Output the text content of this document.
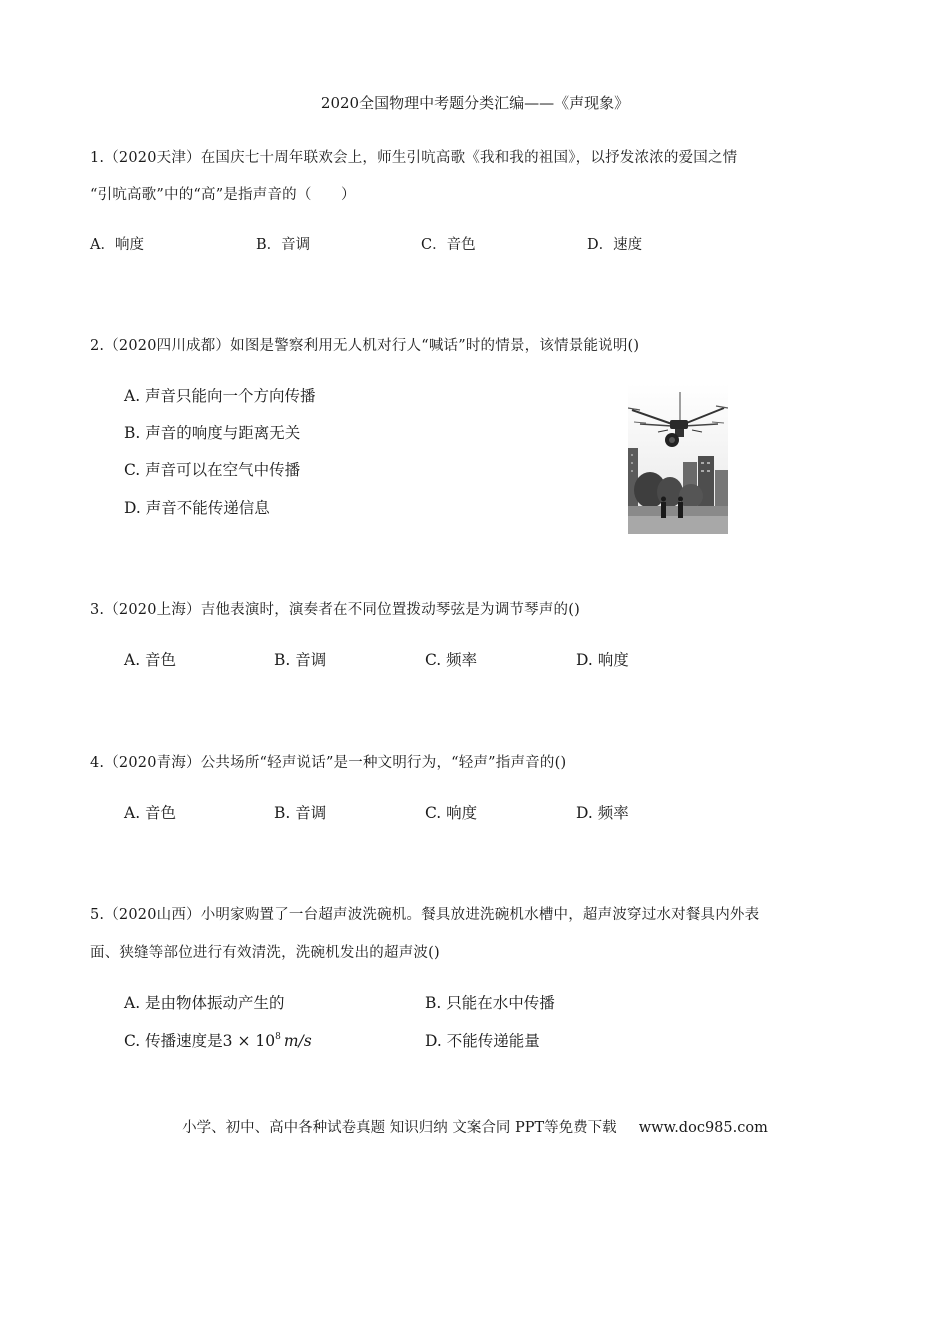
2020全国物理中考题分类汇编——《声现象》
1.（2020天津）在国庆七十周年联欢会上，师生引吭高歌《我和我的祖国》，以抒发浓浓的爱国之情
“引吭高歌”中的“高”是指声音的（　　）
A．响度	B．音调	C．音色	D．速度
2.（2020四川成都）如图是警察利用无人机对行人“喊话”时的情景，该情景能说明()
A. 声音只能向一个方向传播
B. 声音的响度与距离无关
C. 声音可以在空气中传播
D. 声音不能传递信息
3.（2020上海）吉他表演时，演奏者在不同位置拨动琴弦是为调节琴声的()
A. 音色	B. 音调	C. 频率	D. 响度
4.（2020青海）公共场所“轻声说话”是一种文明行为，“轻声”指声音的()
A. 音色	B. 音调	C. 响度	D. 频率
5.（2020山西）小明家购置了一台超声波洗碗机。餐具放进洗碗机水槽中，超声波穿过水对餐具内外表
面、狭缝等部位进行有效清洗，洗碗机发出的超声波()
A. 是由物体振动产生的	B. 只能在水中传播
C. 传播速度是$3 \times 10^8$ m/s	D. 不能传递能量
小学、初中、高中各种试卷真题 知识归纳 文案合同 PPT等免费下载 www.doc985.com
